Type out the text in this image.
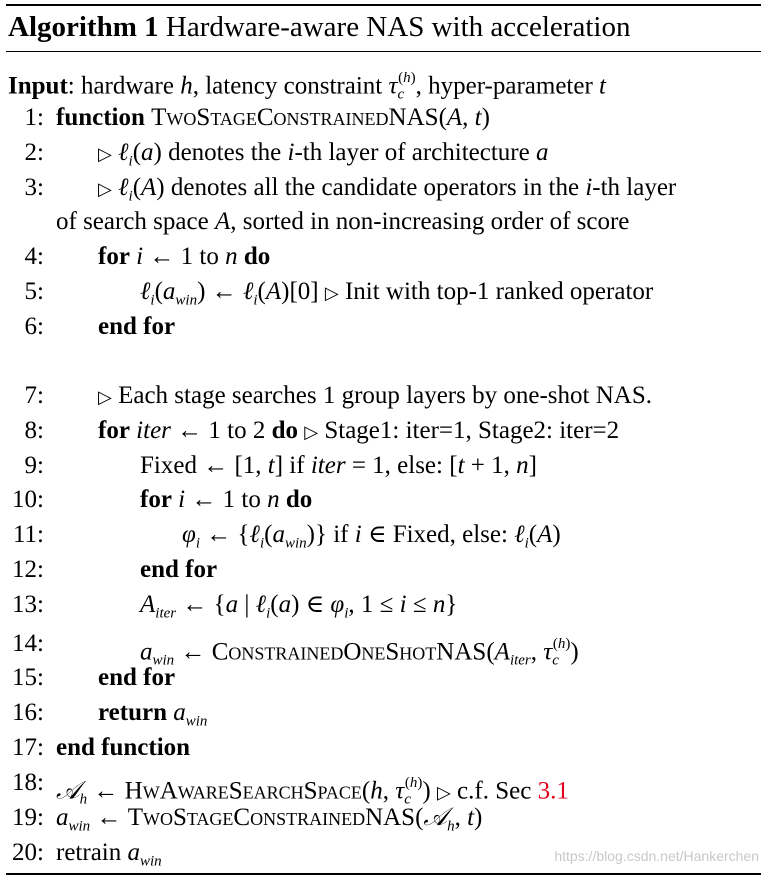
Algorithm 1 Hardware-aware NAS with acceleration
Input: hardware h, latency constraint $\tau_c^{(h)}$, hyper-parameter t
1: function TwoStageConstrainedNAS(A, t)
2:	▷ ℓ$_i$(a) denotes the i-th layer of architecture a
3:	▷ ℓ$_i$(A) denotes all the candidate operators in the i-th layer
of search space A, sorted in non-increasing order of score
4: for i ← 1 to n do
5:	$\ell_i(a_{win})$ ← ℓ$_i$(A)[0] ▷ Init with top-1 ranked operator
6: end for
7:	▷ Each stage searches 1 group layers by one-shot NAS.
8: for iter ← 1 to 2 do ▷ Stage1: iter=1, Stage2: iter=2
9:	Fixed ← [1, t] if iter = 1, else: [t + 1, n]
10:	for i ← 1 to n do
11:	$\varphi_i$ ← $\{\ell_i(a_{win})\}$ if i ∈ Fixed, else: ℓ$_i$(A)
12:	end for
13:	$A_{iter}$ ← {a | ℓ$_i$(a) ∈ $\varphi_i$, 1 ≤ i ≤ n}
14:	$a_{win}$ ← $ConstrainedOneShotNAS(A_{iter}$, $\tau_c^{(h)}$)
15: end for
16: return $a_{win}$
17: end function
18: 𝒜$_h$ ← HwAwareSearchSpace(h, $\tau_c^{(h)}$) ▷ c.f. Sec 3.1
19: $a_{win}$ ← TwoStageConstrainedNAS(𝒜$_h$, t)
20: retrain $a_{win}$	https://blog.csdn.net/Hankerchen
